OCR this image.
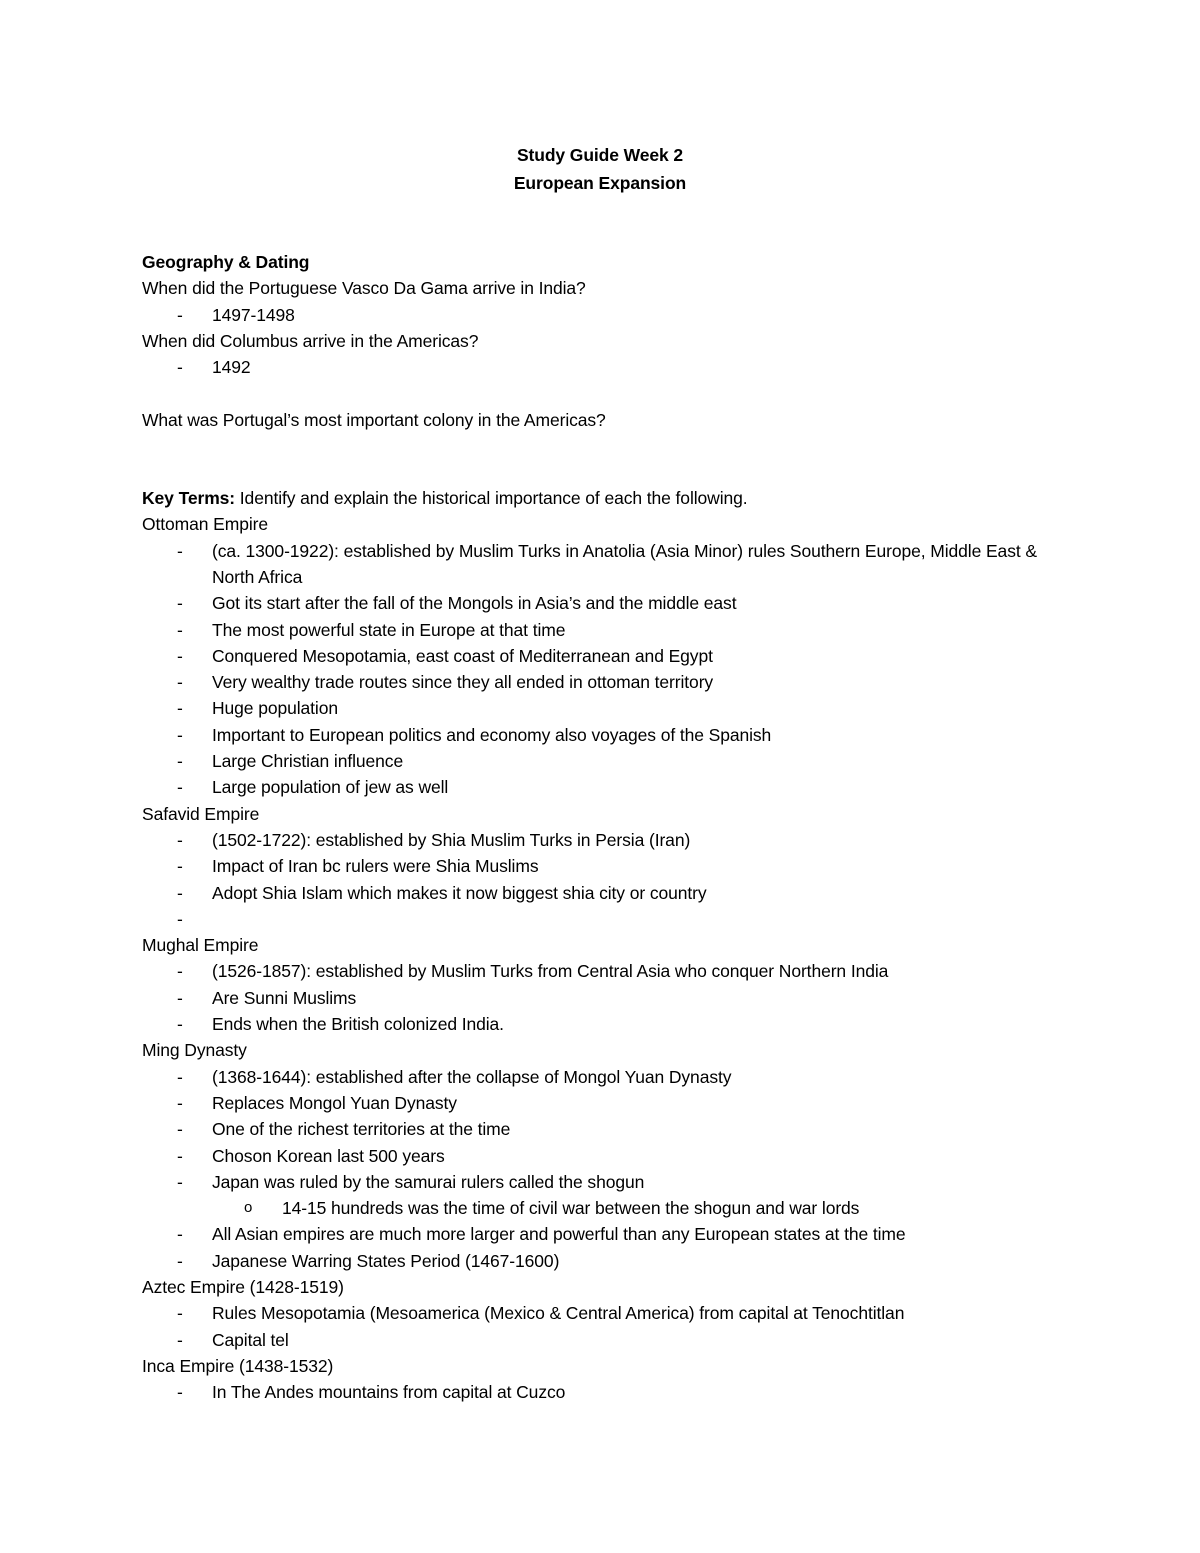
Study Guide Week 2
European Expansion
Geography & Dating
When did the Portuguese Vasco Da Gama arrive in India?
- 1497-1498
When did Columbus arrive in the Americas?
- 1492
What was Portugal’s most important colony in the Americas?
Key Terms: Identify and explain the historical importance of each the following.
Ottoman Empire
- (ca. 1300-1922): established by Muslim Turks in Anatolia (Asia Minor) rules Southern Europe, Middle East & North Africa
- Got its start after the fall of the Mongols in Asia’s and the middle east
- The most powerful state in Europe at that time
- Conquered Mesopotamia, east coast of Mediterranean and Egypt
- Very wealthy trade routes since they all ended in ottoman territory
- Huge population
- Important to European politics and economy also voyages of the Spanish
- Large Christian influence
- Large population of jew as well
Safavid Empire
- (1502-1722): established by Shia Muslim Turks in Persia (Iran)
- Impact of Iran bc rulers were Shia Muslims
- Adopt Shia Islam which makes it now biggest shia city or country
-
Mughal Empire
- (1526-1857): established by Muslim Turks from Central Asia who conquer Northern India
- Are Sunni Muslims
- Ends when the British colonized India.
Ming Dynasty
- (1368-1644): established after the collapse of Mongol Yuan Dynasty
- Replaces Mongol Yuan Dynasty
- One of the richest territories at the time
- Choson Korean last 500 years
- Japan was ruled by the samurai rulers called the shogun
o 14-15 hundreds was the time of civil war between the shogun and war lords
- All Asian empires are much more larger and powerful than any European states at the time
- Japanese Warring States Period (1467-1600)
Aztec Empire (1428-1519)
- Rules Mesopotamia (Mesoamerica (Mexico & Central America) from capital at Tenochtitlan
- Capital tel
Inca Empire (1438-1532)
- In The Andes mountains from capital at Cuzco
